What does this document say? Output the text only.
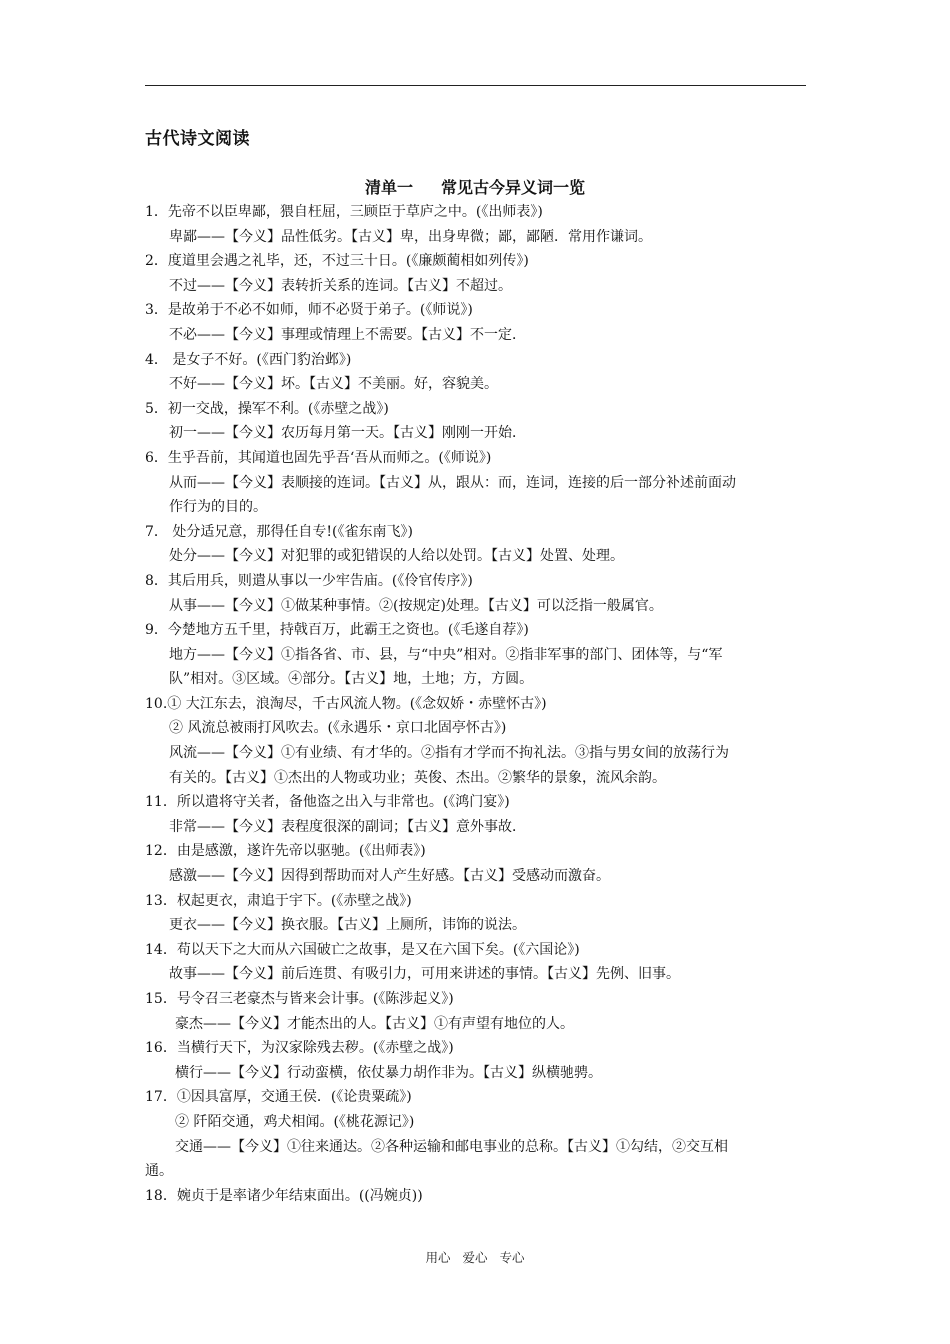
古代诗文阅读
清单一 常见古今异义词一览
1．先帝不以臣卑鄙，猥自枉屈，三顾臣于草庐之中。(《出师表》)
卑鄙——【今义】品性低劣。【古义】卑，出身卑微；鄙，鄙陋．常用作谦词。
2．度道里会遇之礼毕，还，不过三十日。(《廉颇蔺相如列传》)
不过——【今义】表转折关系的连词。【古义】不超过。
3．是故弟于不必不如师，师不必贤于弟子。(《师说》)
不必——【今义】事理或情理上不需要。【古义】不一定．
4． 是女子不好。(《西门豹治邺》)
不好——【今义】坏。【古义】不美丽。好，容貌美。
5．初一交战，操军不利。(《赤壁之战》)
初一——【今义】农历每月第一天。【古义】刚刚一开始．
6．生乎吾前，其闻道也固先乎吾‘吾从而师之。(《师说》)
从而——【今义】表顺接的连词。【古义】从，跟从：而，连词，连接的后一部分补述前面动
作行为的目的。
7． 处分适兄意，那得任自专!(《雀东南飞》)
处分——【今义】对犯罪的或犯错误的人给以处罚。【古义】处置、处理。
8．其后用兵，则遣从事以一少牢告庙。(《伶官传序》)
从事——【今义】①做某种事情。②(按规定)处理。【古义】可以泛指一般属官。
9．今楚地方五千里，持戟百万，此霸王之资也。(《毛遂自荐》)
地方——【今义】①指各省、市、县，与“中央”相对。②指非军事的部门、团体等，与“军
队”相对。③区域。④部分。【古义】地，土地；方，方圆。
10.① 大江东去，浪淘尽，千古风流人物。(《念奴娇・赤壁怀古》)
② 风流总被雨打风吹去。(《永遇乐・京口北固亭怀古》)
风流——【今义】①有业绩、有才华的。②指有才学而不拘礼法。③指与男女间的放荡行为
有关的。【古义】①杰出的人物或功业；英俊、杰出。②繁华的景象，流风余韵。
11．所以遣将守关者，备他盗之出入与非常也。(《鸿门宴》)
非常——【今义】表程度很深的副词；【古义】意外事故．
12．由是感激，遂许先帝以驱驰。(《出师表》)
感激——【今义】因得到帮助而对人产生好感。【古义】受感动而激奋。
13．权起更衣，肃追于宇下。(《赤壁之战》)
更衣——【今义】换衣服。【古义】上厕所，讳饰的说法。
14．苟以天下之大而从六国破亡之故事，是又在六国下矣。(《六国论》)
故事——【今义】前后连贯、有吸引力，可用来讲述的事情。【古义】先例、旧事。
15．号令召三老豪杰与皆来会计事。(《陈涉起义》)
豪杰——【今义】才能杰出的人。【古义】①有声望有地位的人。
16．当横行天下，为汉家除残去秽。(《赤壁之战》)
横行——【今义】行动蛮横，依仗暴力胡作非为。【古义】纵横驰骋。
17．①因具富厚，交通王侯．(《论贵粟疏》)
② 阡陌交通，鸡犬相闻。(《桃花源记》)
交通——【今义】①往来通达。②各种运输和邮电事业的总称。【古义】①勾结，②交互相
通。
18．婉贞于是率诸少年结束面出。((冯婉贞))
用心 爱心 专心
